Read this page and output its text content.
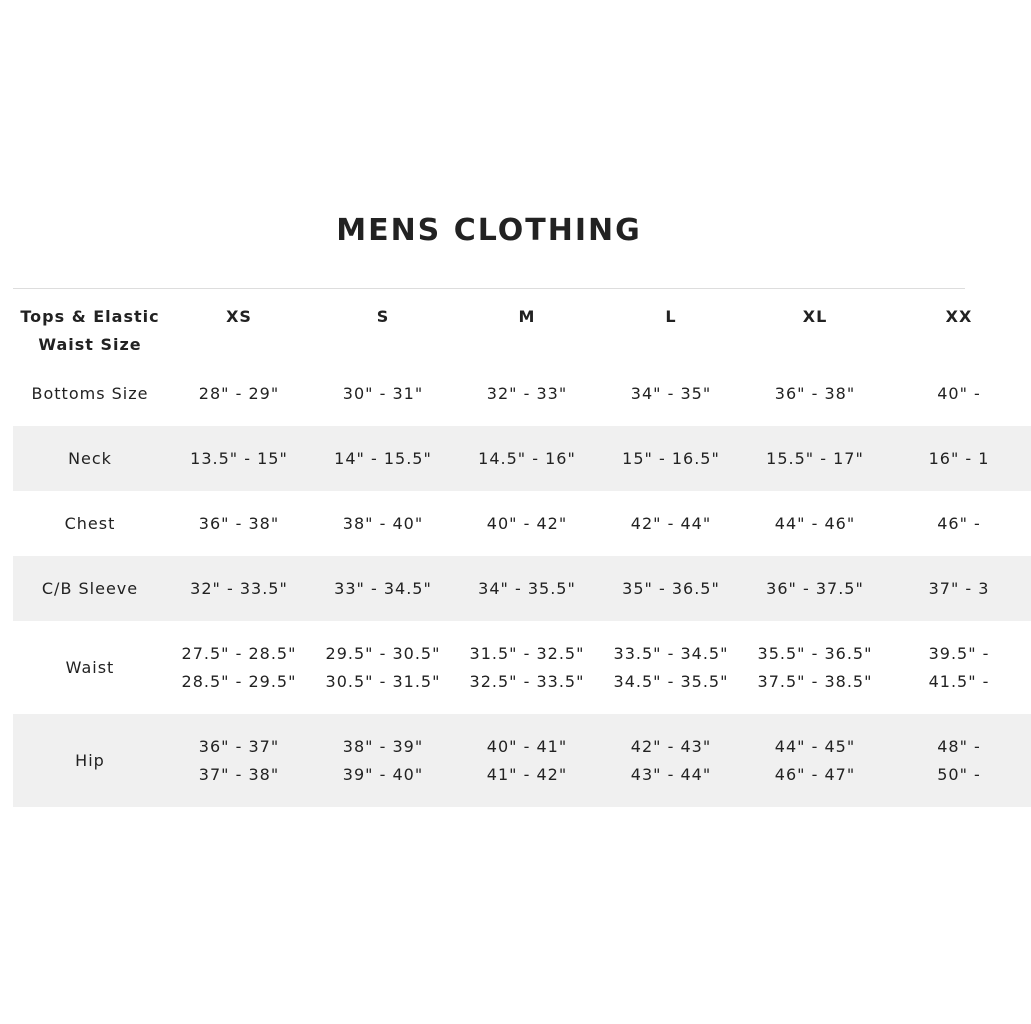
MENS CLOTHING
Tops & Elastic
Waist Size	XS	S	M	L	XL	XX
Bottoms Size	28" - 29"	30" - 31"	32" - 33"	34" - 35"	36" - 38"	40" -

Neck	13.5" - 15"	14" - 15.5"	14.5" - 16"	15" - 16.5"	15.5" - 17"	16" - 1

Chest	36" - 38"	38" - 40"	40" - 42"	42" - 44"	44" - 46"	46" -

C/B Sleeve	32" - 33.5"	33" - 34.5"	34" - 35.5"	35" - 36.5"	36" - 37.5"	37" - 3

Waist	27.5" - 28.5"
28.5" - 29.5"	29.5" - 30.5"
30.5" - 31.5"	31.5" - 32.5"
32.5" - 33.5"	33.5" - 34.5"
34.5" - 35.5"	35.5" - 36.5"
37.5" - 38.5"	39.5" -
41.5" -

Hip	36" - 37"
37" - 38"	38" - 39"
39" - 40"	40" - 41"
41" - 42"	42" - 43"
43" - 44"	44" - 45"
46" - 47"	48" -
50" -
